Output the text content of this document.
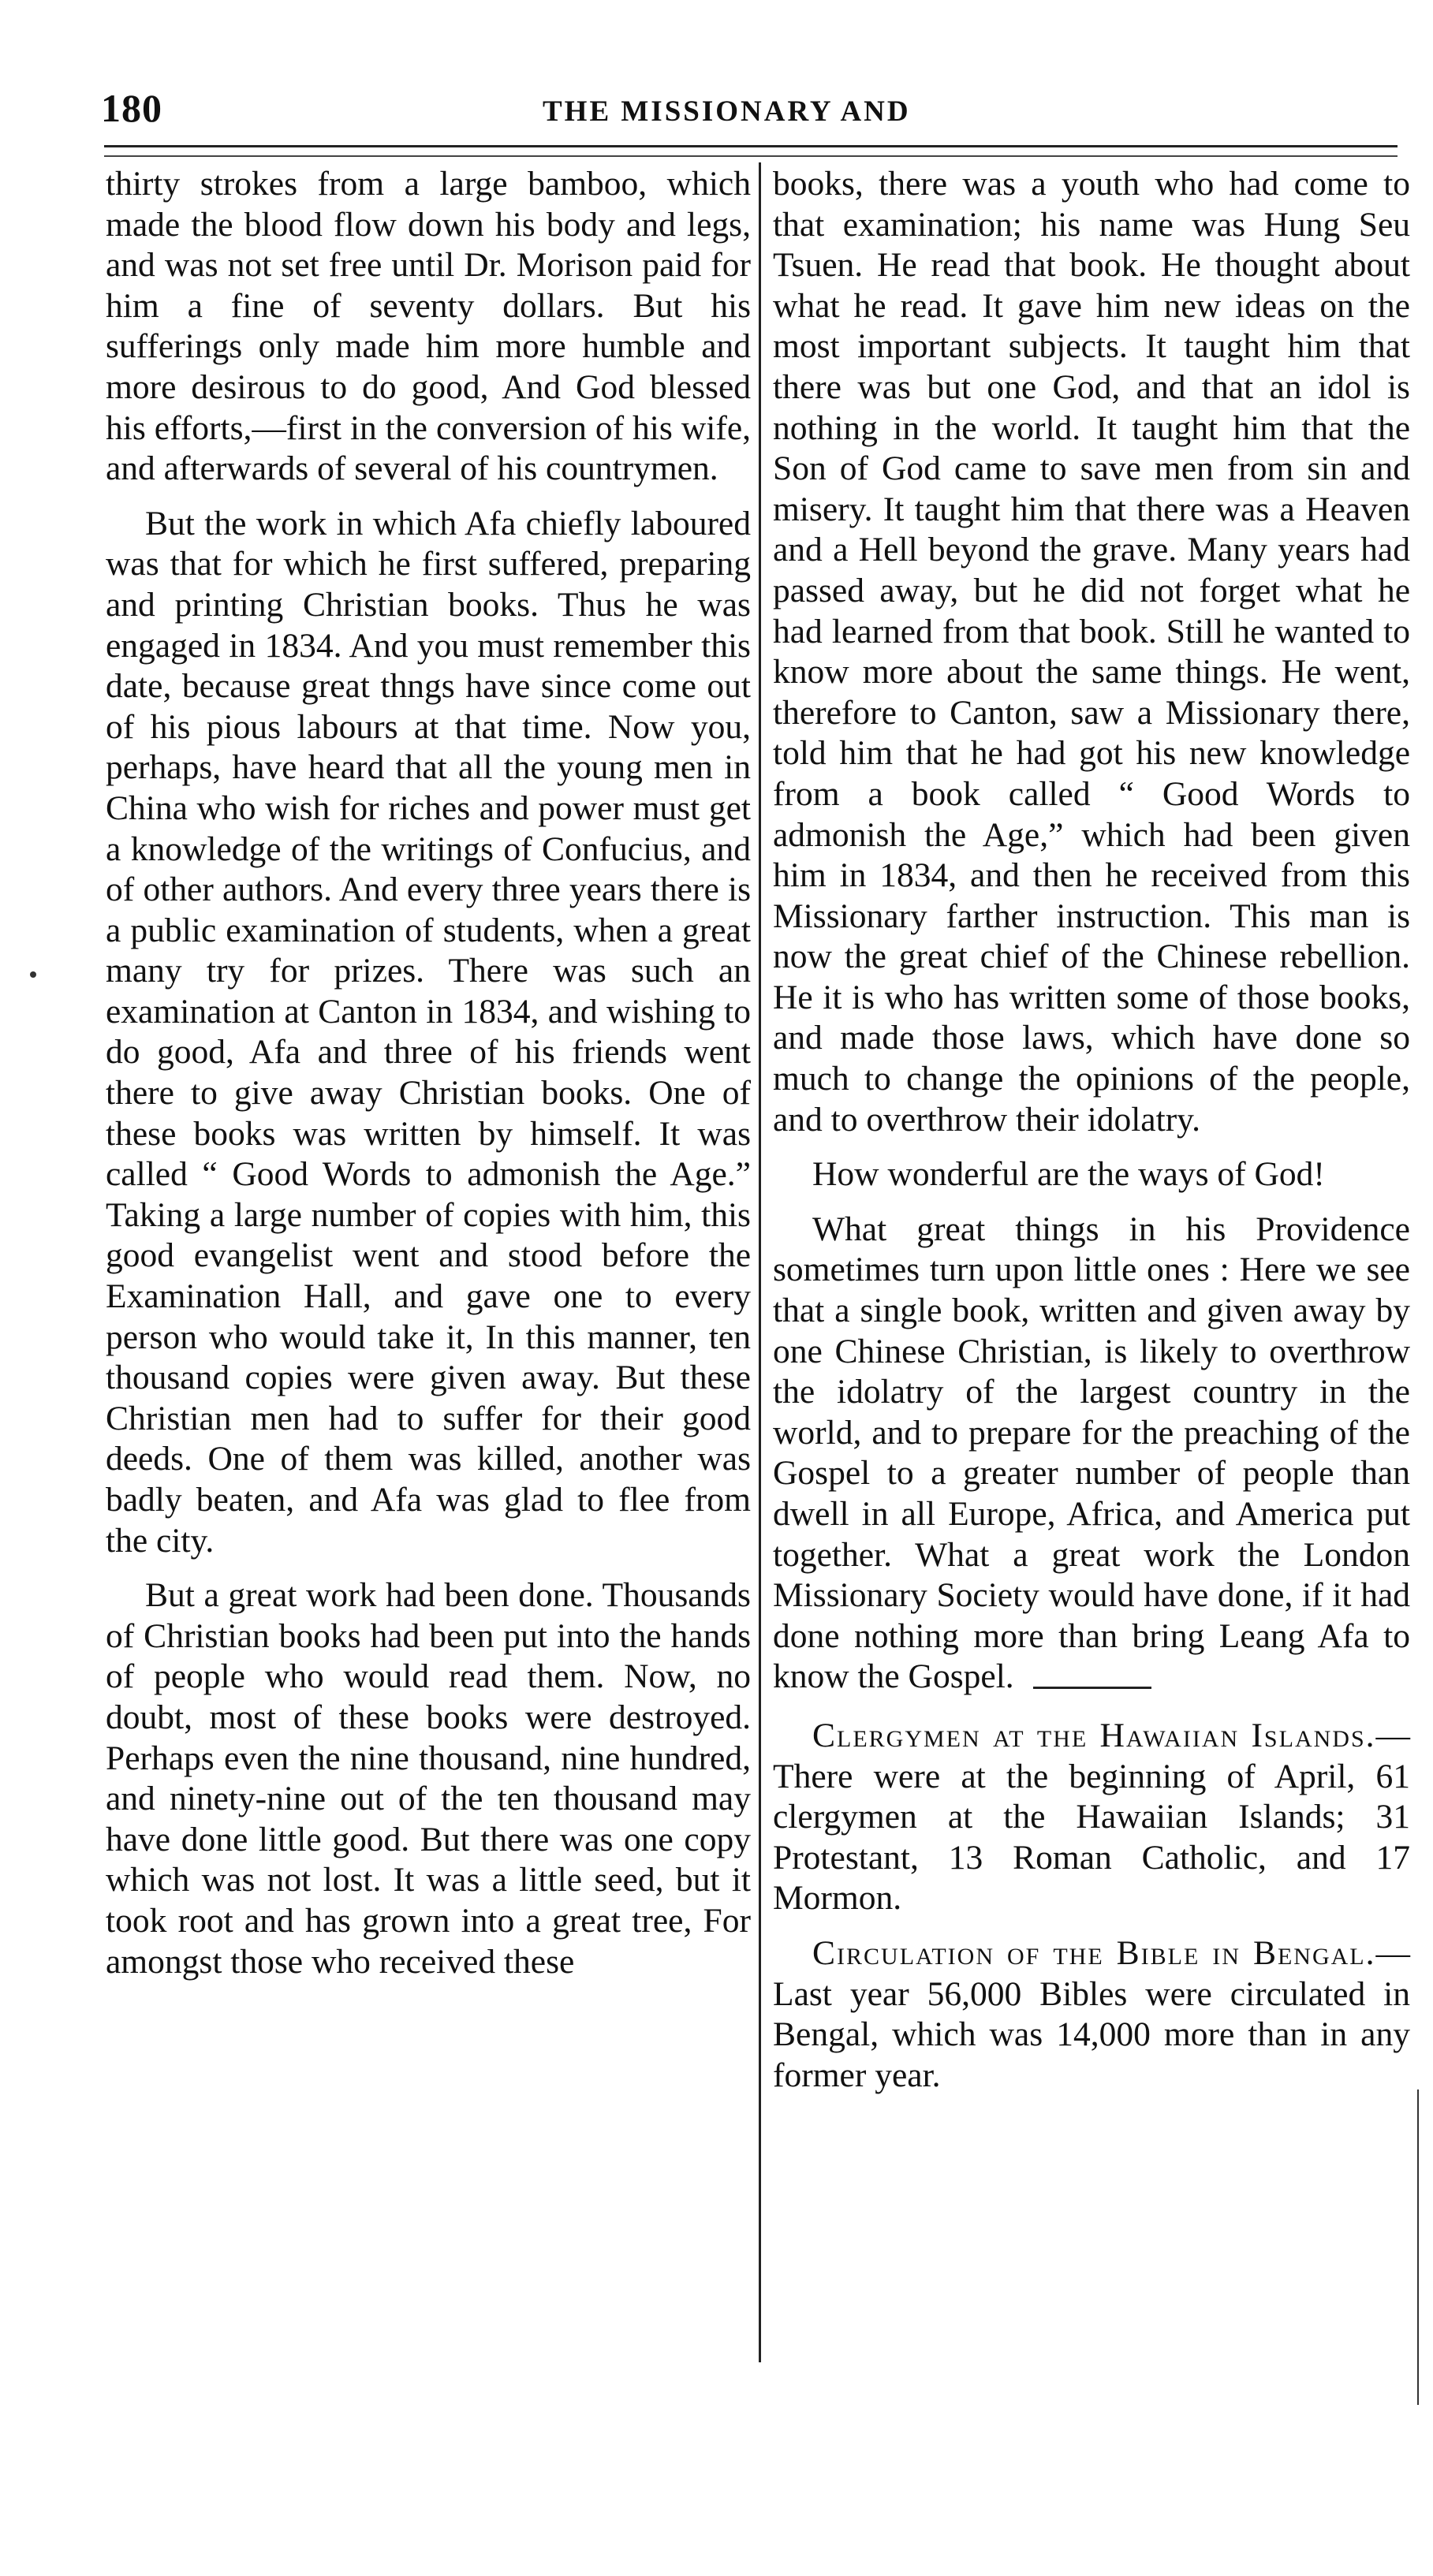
180	THE MISSIONARY AND

thirty strokes from a large bamboo, which made the blood flow down his body and legs, and was not set free until Dr. Morison paid for him a fine of seventy dollars. But his sufferings only made him more humble and more desirous to do good, And God blessed his efforts,—first in the conversion of his wife, and afterwards of several of his countrymen.

But the work in which Afa chiefly laboured was that for which he first suffered, preparing and printing Christian books. Thus he was engaged in 1834. And you must remember this date, because great thngs have since come out of his pious labours at that time. Now you, perhaps, have heard that all the young men in China who wish for riches and power must get a knowledge of the writings of Confucius, and of other authors. And every three years there is a public examination of students, when a great many try for prizes. There was such an examination at Canton in 1834, and wishing to do good, Afa and three of his friends went there to give away Christian books. One of these books was written by himself. It was called “ Good Words to admonish the Age.” Taking a large number of copies with him, this good evangelist went and stood before the Examination Hall, and gave one to every person who would take it, In this manner, ten thousand copies were given away. But these Christian men had to suffer for their good deeds. One of them was killed, another was badly beaten, and Afa was glad to flee from the city.

But a great work had been done. Thousands of Christian books had been put into the hands of people who would read them. Now, no doubt, most of these books were destroyed. Perhaps even the nine thousand, nine hundred, and ninety-nine out of the ten thousand may have done little good. But there was one copy which was not lost. It was a little seed, but it took root and has grown into a great tree, For amongst those who received these

books, there was a youth who had come to that examination; his name was Hung Seu Tsuen. He read that book. He thought about what he read. It gave him new ideas on the most important subjects. It taught him that there was but one God, and that an idol is nothing in the world. It taught him that the Son of God came to save men from sin and misery. It taught him that there was a Heaven and a Hell beyond the grave. Many years had passed away, but he did not forget what he had learned from that book. Still he wanted to know more about the same things. He went, therefore to Canton, saw a Missionary there, told him that he had got his new knowledge from a book called “ Good Words to admonish the Age,” which had been given him in 1834, and then he received from this Missionary farther instruction. This man is now the great chief of the Chinese rebellion. He it is who has written some of those books, and made those laws, which have done so much to change the opinions of the people, and to overthrow their idolatry.

How wonderful are the ways of God!

What great things in his Providence sometimes turn upon little ones : Here we see that a single book, written and given away by one Chinese Christian, is likely to overthrow the idolatry of the largest country in the world, and to prepare for the preaching of the Gospel to a greater number of people than dwell in all Europe, Africa, and America put together. What a great work the London Missionary Society would have done, if it had done nothing more than bring Leang Afa to know the Gospel.

Clergymen at the Hawaiian Islands.—There were at the beginning of April, 61 clergymen at the Hawaiian Islands; 31 Protestant, 13 Roman Catholic, and 17 Mormon.

Circulation of the Bible in Bengal.—Last year 56,000 Bibles were circulated in Bengal, which was 14,000 more than in any former year.
